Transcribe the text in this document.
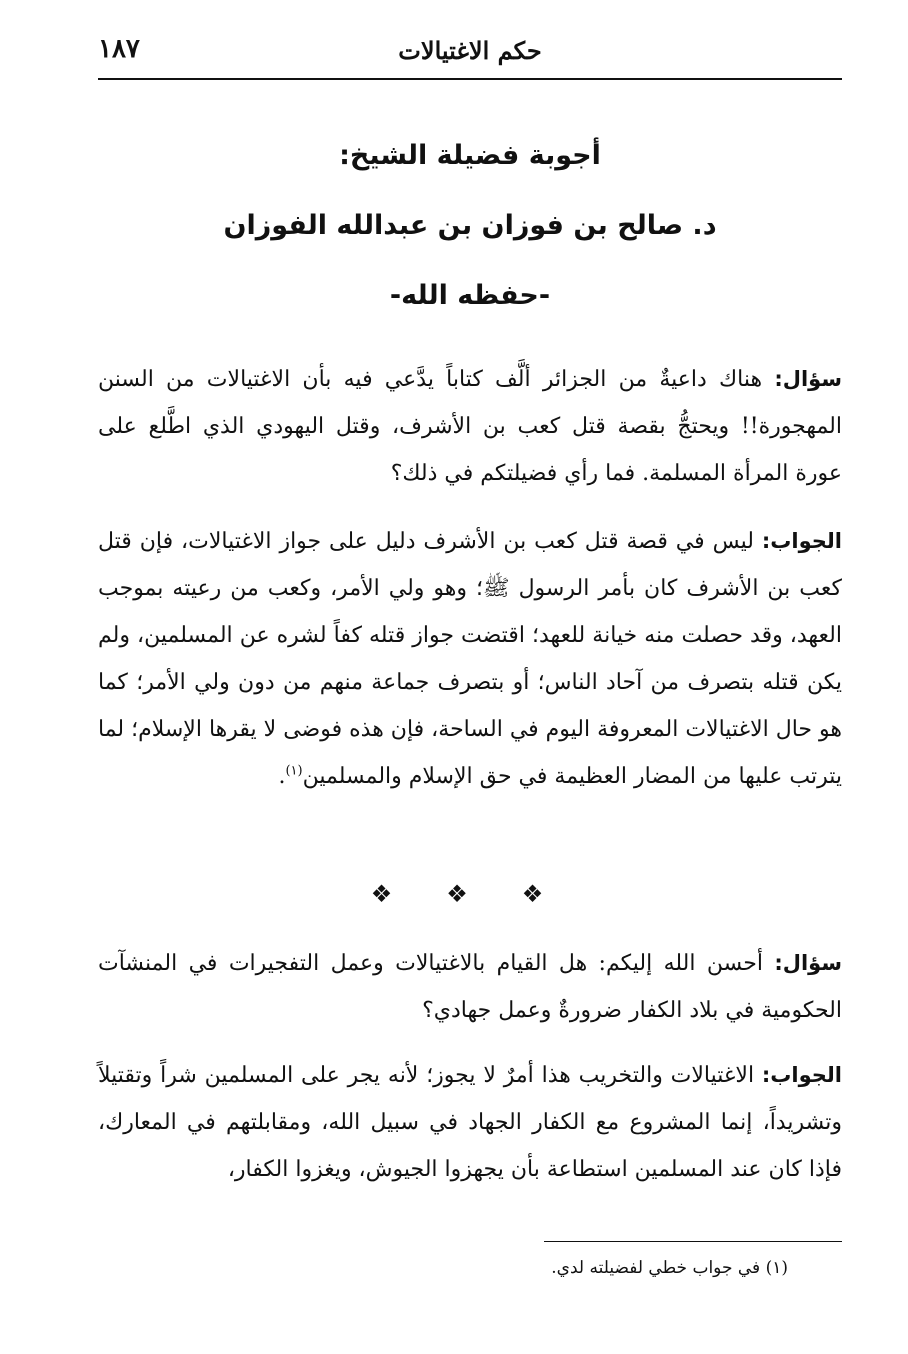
١٨٧	حكم الاغتيالات
أجوبة فضيلة الشيخ:
د. صالح بن فوزان بن عبدالله الفوزان
-حفظه الله-

سؤال: هناك داعيةٌ من الجزائر ألَّف كتاباً يدَّعي فيه بأن الاغتيالات من السنن المهجورة!! ويحتجُّ بقصة قتل كعب بن الأشرف، وقتل اليهودي الذي اطَّلع على عورة المرأة المسلمة. فما رأي فضيلتكم في ذلك؟

الجواب: ليس في قصة قتل كعب بن الأشرف دليل على جواز الاغتيالات، فإن قتل كعب بن الأشرف كان بأمر الرسول ﷺ؛ وهو ولي الأمر، وكعب من رعيته بموجب العهد، وقد حصلت منه خيانة للعهد؛ اقتضت جواز قتله كفاً لشره عن المسلمين، ولم يكن قتله بتصرف من آحاد الناس؛ أو بتصرف جماعة منهم من دون ولي الأمر؛ كما هو حال الاغتيالات المعروفة اليوم في الساحة، فإن هذه فوضى لا يقرها الإسلام؛ لما يترتب عليها من المضار العظيمة في حق الإسلام والمسلمين$^{(١)}$.

❖ ❖ ❖

سؤال: أحسن الله إليكم: هل القيام بالاغتيالات وعمل التفجيرات في المنشآت الحكومية في بلاد الكفار ضرورةٌ وعمل جهادي؟

الجواب: الاغتيالات والتخريب هذا أمرٌ لا يجوز؛ لأنه يجر على المسلمين شراً وتقتيلاً وتشريداً، إنما المشروع مع الكفار الجهاد في سبيل الله، ومقابلتهم في المعارك، فإذا كان عند المسلمين استطاعة بأن يجهزوا الجيوش، ويغزوا الكفار،

(١) في جواب خطي لفضيلته لدي.
